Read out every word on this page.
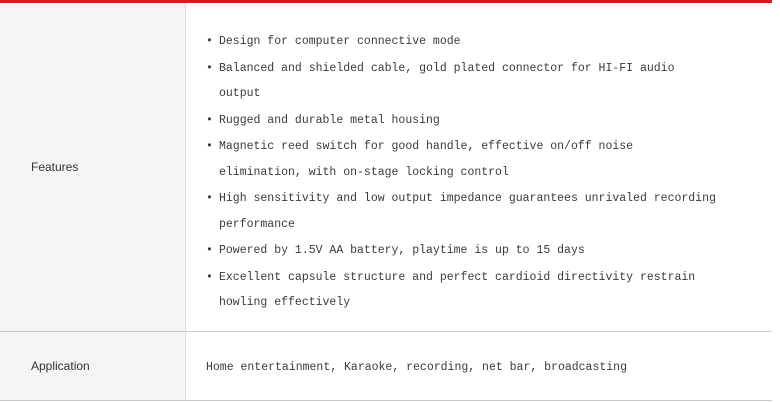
Features
• Design for computer connective mode
• Balanced and shielded cable, gold plated connector for HI-FI audio output
• Rugged and durable metal housing
• Magnetic reed switch for good handle, effective on/off noise elimination, with on-stage locking control
• High sensitivity and low output impedance guarantees unrivaled recording performance
• Powered by 1.5V AA battery, playtime is up to 15 days
• Excellent capsule structure and perfect cardioid directivity restrain howling effectively
Application	Home entertainment, Karaoke, recording, net bar, broadcasting
